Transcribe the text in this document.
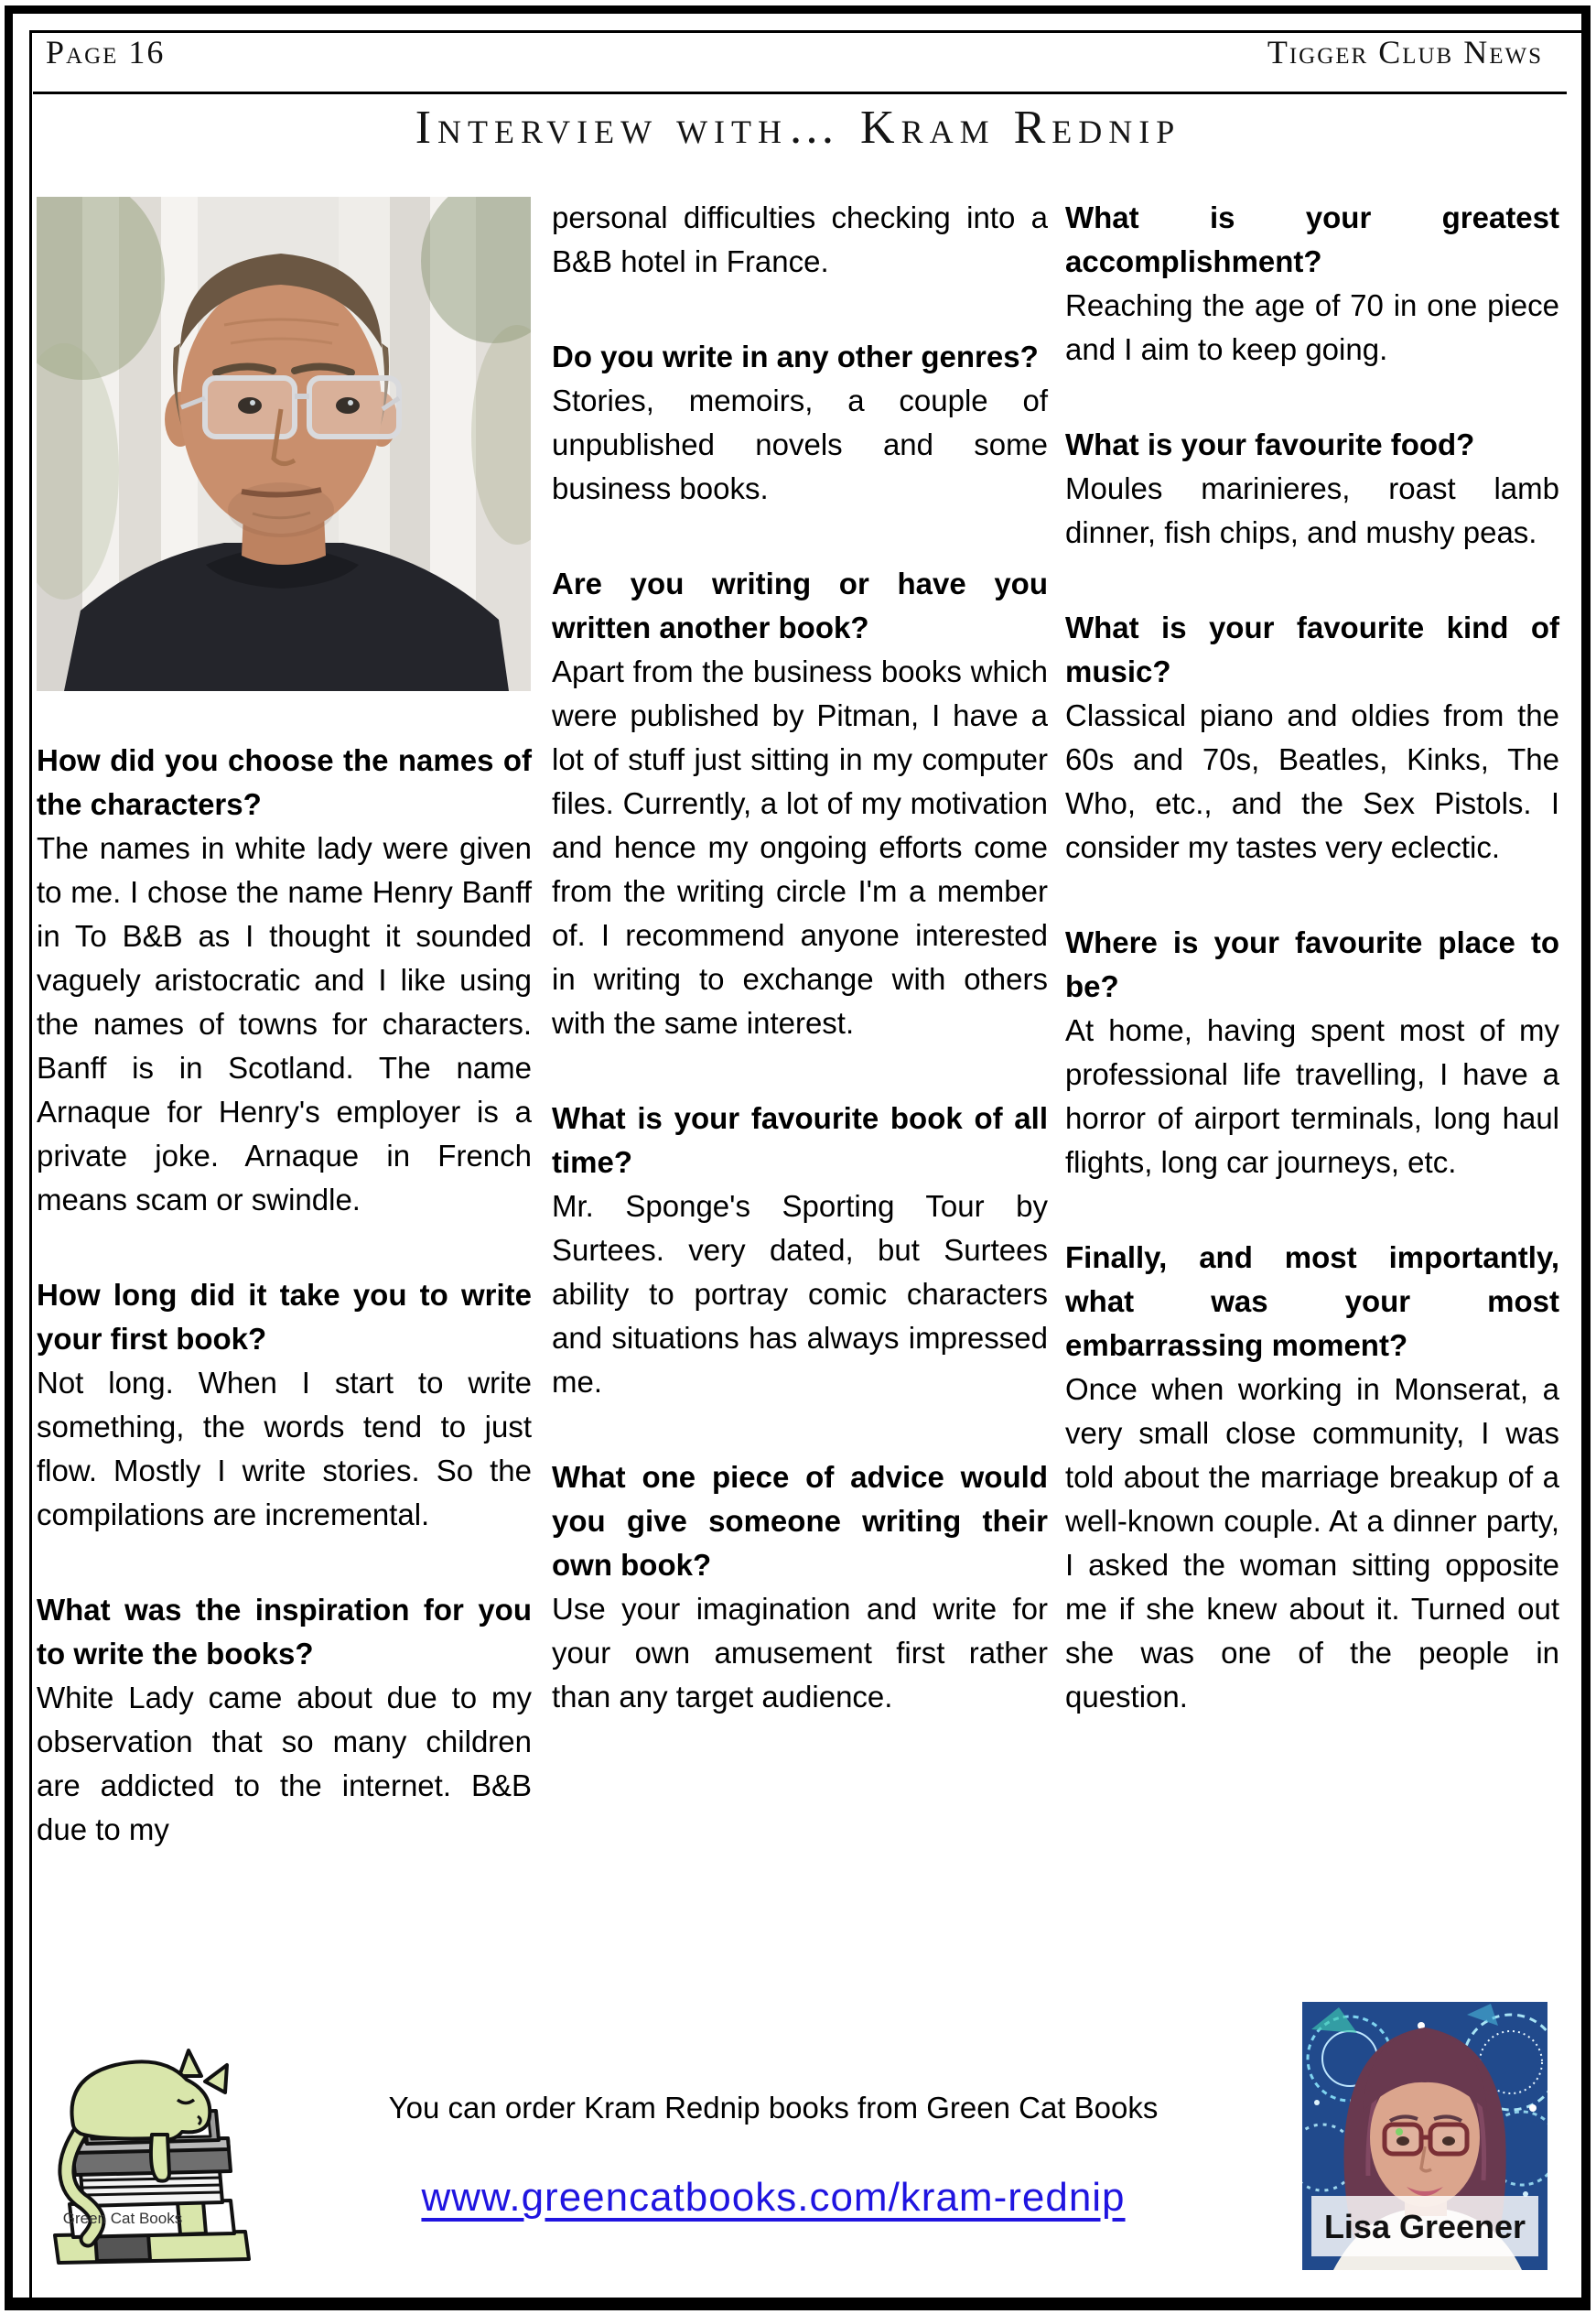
Page 16	Tigger Club News
Interview with… Kram Rednip

How did you choose the names of the characters?

The names in white lady were given to me. I chose the name Henry Banff in To B&B as I thought it sounded vaguely aristocratic and I like using the names of towns for characters. Banff is in Scotland. The name Arnaque for Henry's employer is a private joke. Arnaque in French means scam or swindle.

How long did it take you to write your first book?

Not long. When I start to write something, the words tend to just flow. Mostly I write stories. So the compilations are incremental.

What was the inspiration for you to write the books?

White Lady came about due to my observation that so many children are addicted to the internet. B&B due to my

personal difficulties checking into a B&B hotel in France.

Do you write in any other genres?

Stories, memoirs, a couple of unpublished novels and some business books.

Are you writing or have you written another book?

Apart from the business books which were published by Pitman, I have a lot of stuff just sitting in my computer files. Currently, a lot of my motivation and hence my ongoing efforts come from the writing circle I'm a member of. I recommend anyone interested in writing to exchange with others with the same interest.

What is your favourite book of all time?

Mr. Sponge's Sporting Tour by Surtees. very dated, but Surtees ability to portray comic characters and situations has always impressed me.

What one piece of advice would you give someone writing their own book?

Use your imagination and write for your own amusement first rather than any target audience.

What is your greatest accomplishment?

Reaching the age of 70 in one piece and I aim to keep going.

What is your favourite food?

Moules marinieres, roast lamb dinner, fish chips, and mushy peas.

What is your favourite kind of music?

Classical piano and oldies from the 60s and 70s, Beatles, Kinks, The Who, etc., and the Sex Pistols. I consider my tastes very eclectic.

Where is your favourite place to be?

At home, having spent most of my professional life travelling, I have a horror of airport terminals, long haul flights, long car journeys, etc.

Finally, and most importantly, what was your most embarrassing moment?

Once when working in Monserat, a very small close community, I was told about the marriage breakup of a well-known couple. At a dinner party, I asked the woman sitting opposite me if she knew about it. Turned out she was one of the people in question.

Green Cat Books

You can order Kram Rednip books from Green Cat Books

www.greencatbooks.com/kram-rednip
Lisa Greener
